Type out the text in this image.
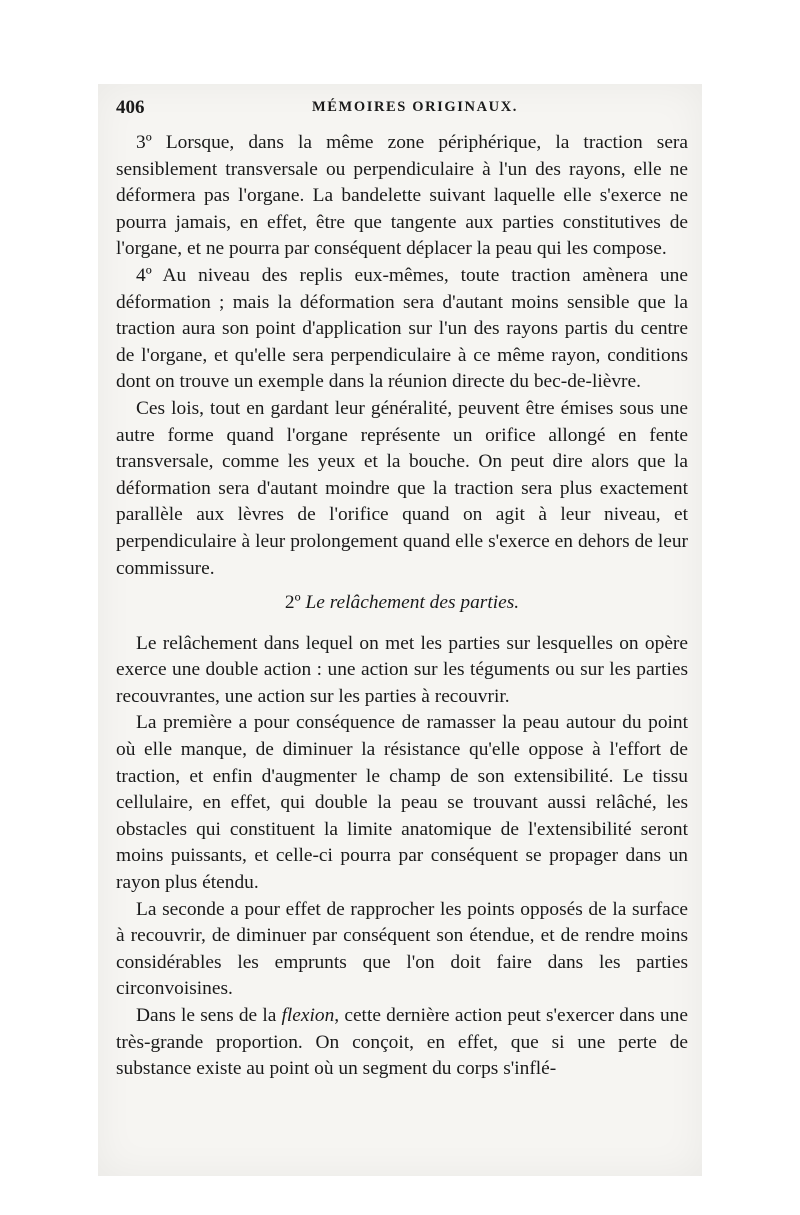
406	MÉMOIRES ORIGINAUX.

3º Lorsque, dans la même zone périphérique, la traction sera sensiblement transversale ou perpendiculaire à l'un des rayons, elle ne déformera pas l'organe. La bandelette suivant laquelle elle s'exerce ne pourra jamais, en effet, être que tangente aux parties constitutives de l'organe, et ne pourra par conséquent déplacer la peau qui les compose.

4º Au niveau des replis eux-mêmes, toute traction amènera une déformation ; mais la déformation sera d'autant moins sensible que la traction aura son point d'application sur l'un des rayons partis du centre de l'organe, et qu'elle sera perpendiculaire à ce même rayon, conditions dont on trouve un exemple dans la réunion directe du bec-de-lièvre.

Ces lois, tout en gardant leur généralité, peuvent être émises sous une autre forme quand l'organe représente un orifice allongé en fente transversale, comme les yeux et la bouche. On peut dire alors que la déformation sera d'autant moindre que la traction sera plus exactement parallèle aux lèvres de l'orifice quand on agit à leur niveau, et perpendiculaire à leur prolongement quand elle s'exerce en dehors de leur commissure.

2º Le relâchement des parties.

Le relâchement dans lequel on met les parties sur lesquelles on opère exerce une double action : une action sur les téguments ou sur les parties recouvrantes, une action sur les parties à recouvrir.

La première a pour conséquence de ramasser la peau autour du point où elle manque, de diminuer la résistance qu'elle oppose à l'effort de traction, et enfin d'augmenter le champ de son extensibilité. Le tissu cellulaire, en effet, qui double la peau se trouvant aussi relâché, les obstacles qui constituent la limite anatomique de l'extensibilité seront moins puissants, et celle-ci pourra par conséquent se propager dans un rayon plus étendu.

La seconde a pour effet de rapprocher les points opposés de la surface à recouvrir, de diminuer par conséquent son étendue, et de rendre moins considérables les emprunts que l'on doit faire dans les parties circonvoisines.

Dans le sens de la flexion, cette dernière action peut s'exercer dans une très-grande proportion. On conçoit, en effet, que si une perte de substance existe au point où un segment du corps s'inflé-
